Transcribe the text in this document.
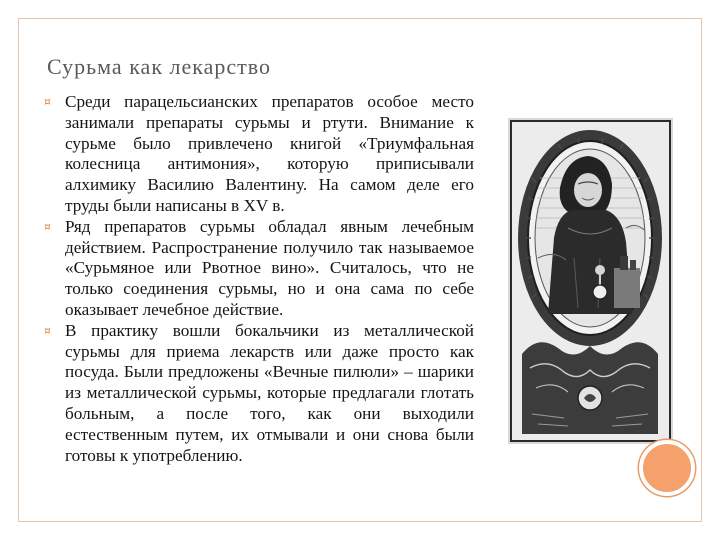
Сурьма как лекарство
¤ Среди парацельсианских препаратов особое место занимали препараты сурьмы и ртути. Внимание к сурьме было привлечено книгой «Триумфальная колесница антимония», которую приписывали алхимику Василию Валентину. На самом деле его труды были написаны в XV в.
¤ Ряд препаратов сурьмы обладал явным лечебным действием. Распространение получило так называемое «Сурьмяное или Рвотное вино». Считалось, что не только соединения сурьмы, но и она сама по себе оказывает лечебное действие.
¤ В практику вошли бокальчики из металлической сурьмы для приема лекарств или даже просто как посуда. Были предложены «Вечные пилюли» – шарики из металлической сурьмы, которые предлагали глотать больным, а после того, как они выходили естественным путем, их отмывали и они снова были готовы к употреблению.
